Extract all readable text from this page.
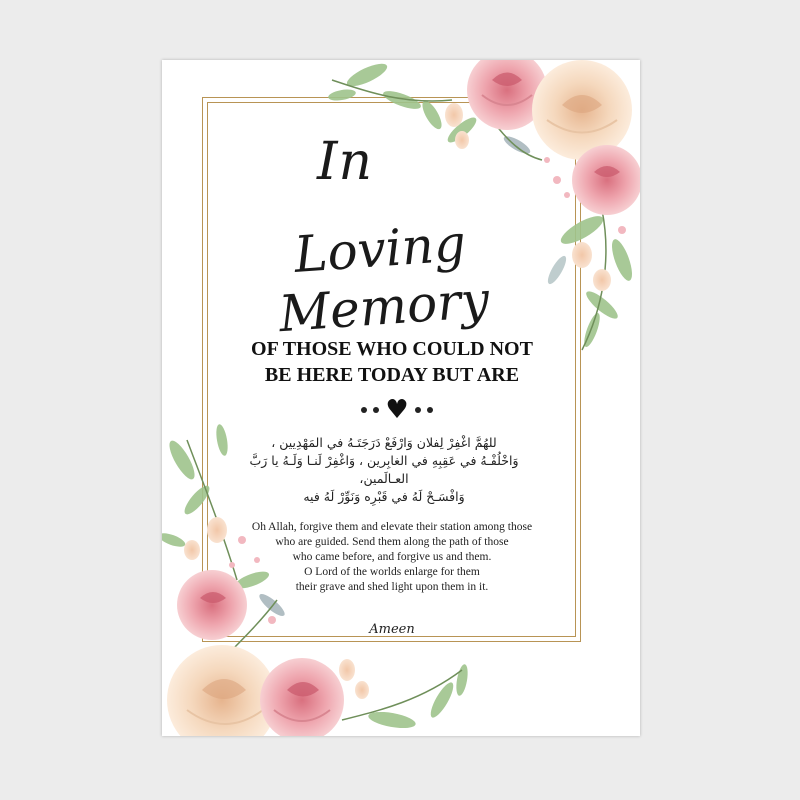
In
Loving Memory
OF THOSE WHO COULD NOT
BE HERE TODAY BUT ARE
♥
للهُمَّ اغْفِرْ لِفلان وَارْفَعْ دَرَجَتَـهُ في المَهْدِيين ،
وَاخْلُفْـهُ في عَقِبِهِ في الغابِرين ، وَاغْفِرْ لَنـا وَلَـهُ يا رَبَّ العـالَمين،
وَافْسَـحْ لَهُ في قَبْرِه وَنَوِّرْ لَهُ فيه
Oh Allah, forgive them and elevate their station among those
who are guided. Send them along the path of those
who came before, and forgive us and them.
O Lord of the worlds enlarge for them
their grave and shed light upon them in it.
Ameen
